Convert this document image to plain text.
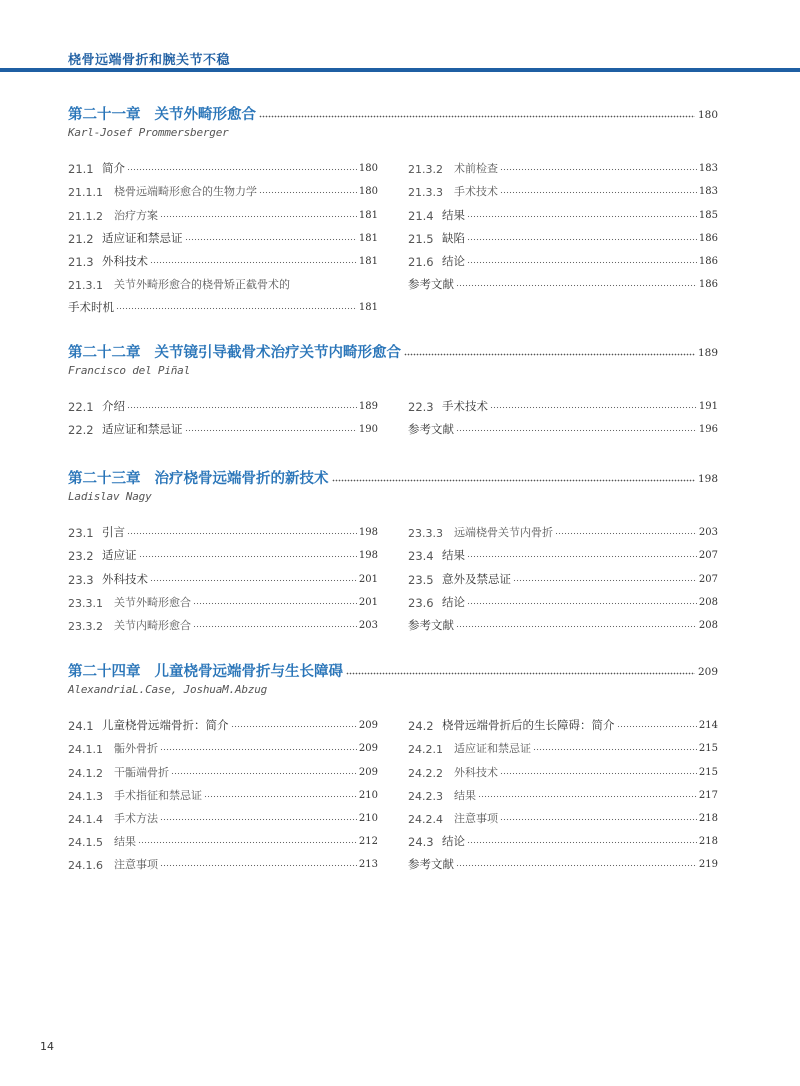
桡骨远端骨折和腕关节不稳
第二十一章 关节外畸形愈合	180
Karl-Josef Prommersberger
21.1 简介	180
21.1.1	桡骨远端畸形愈合的生物力学	180
21.1.2	治疗方案	181
21.2 适应证和禁忌证	181
21.3 外科技术	181
21.3.1	关节外畸形愈合的桡骨矫正截骨术的
手术时机	181
21.3.2	术前检查	183
21.3.3	手术技术	183
21.4 结果	185
21.5 缺陷	186
21.6 结论	186
参考文献	186
第二十二章 关节镜引导截骨术治疗关节内畸形愈合	189
Francisco del Piñal
22.1 介绍	189
22.2 适应证和禁忌证	190
22.3 手术技术	191
参考文献	196
第二十三章 治疗桡骨远端骨折的新技术	198
Ladislav Nagy
23.1 引言	198
23.2 适应证	198
23.3 外科技术	201
23.3.1	关节外畸形愈合	201
23.3.2	关节内畸形愈合	203
23.3.3	远端桡骨关节内骨折	203
23.4 结果	207
23.5 意外及禁忌证	207
23.6 结论	208
参考文献	208
第二十四章 儿童桡骨远端骨折与生长障碍	209
AlexandriaL.Case, JoshuaM.Abzug
24.1 儿童桡骨远端骨折：简介	209
24.1.1	骺外骨折	209
24.1.2	干骺端骨折	209
24.1.3	手术指征和禁忌证	210
24.1.4	手术方法	210
24.1.5	结果	212
24.1.6	注意事项	213
24.2 桡骨远端骨折后的生长障碍：简介	214
24.2.1	适应证和禁忌证	215
24.2.2	外科技术	215
24.2.3	结果	217
24.2.4	注意事项	218
24.3 结论	218
参考文献	219
14
